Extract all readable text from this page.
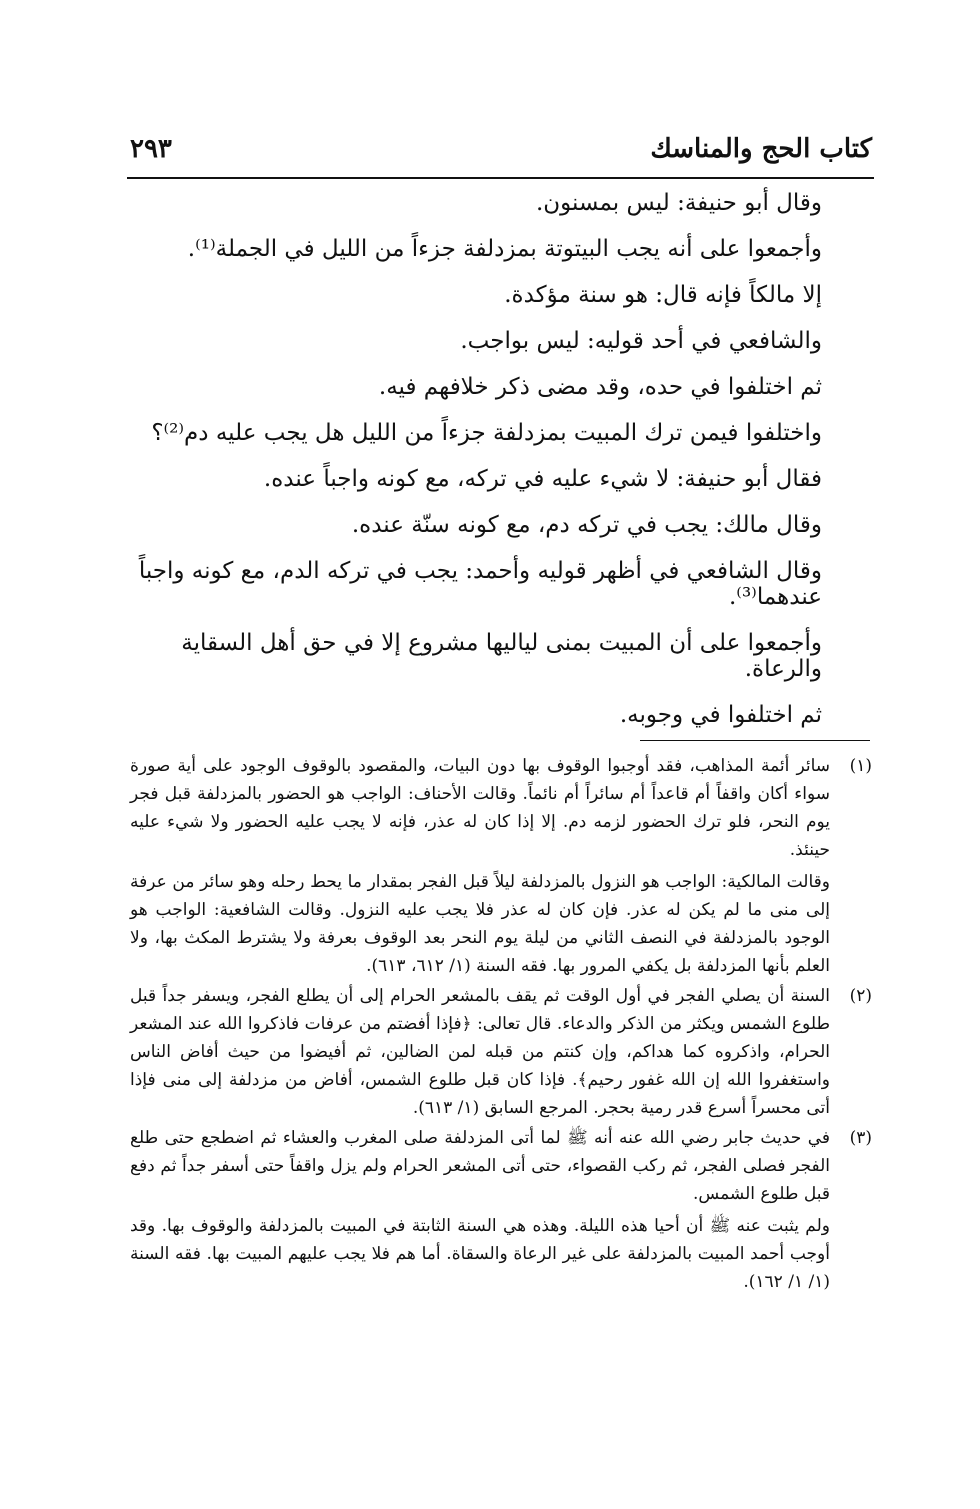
كتاب الحج والمناسك
٢٩٣

وقال أبو حنيفة: ليس بمسنون.

وأجمعوا على أنه يجب البيتوتة بمزدلفة جزءاً من الليل في الجملة⁽¹⁾.

إلا مالكاً فإنه قال: هو سنة مؤكدة.

والشافعي في أحد قوليه: ليس بواجب.

ثم اختلفوا في حده، وقد مضى ذكر خلافهم فيه.

واختلفوا فيمن ترك المبيت بمزدلفة جزءاً من الليل هل يجب عليه دم⁽²⁾؟

فقال أبو حنيفة: لا شيء عليه في تركه، مع كونه واجباً عنده.

وقال مالك: يجب في تركه دم، مع كونه سنّة عنده.

وقال الشافعي في أظهر قوليه وأحمد: يجب في تركه الدم، مع كونه واجباً عندهما⁽³⁾.

وأجمعوا على أن المبيت بمنى لياليها مشروع إلا في حق أهل السقاية والرعاة.

ثم اختلفوا في وجوبه.

(١)

سائر أئمة المذاهب، فقد أوجبوا الوقوف بها دون البيات، والمقصود بالوقوف الوجود على أية صورة سواء أكان واقفاً أم قاعداً أم سائراً أم نائماً. وقالت الأحناف: الواجب هو الحضور بالمزدلفة قبل فجر يوم النحر، فلو ترك الحضور لزمه دم. إلا إذا كان له عذر، فإنه لا يجب عليه الحضور ولا شيء عليه حينئذ.

وقالت المالكية: الواجب هو النزول بالمزدلفة ليلاً قبل الفجر بمقدار ما يحط رحله وهو سائر من عرفة إلى منى ما لم يكن له عذر. فإن كان له عذر فلا يجب عليه النزول. وقالت الشافعية: الواجب هو الوجود بالمزدلفة في النصف الثاني من ليلة يوم النحر بعد الوقوف بعرفة ولا يشترط المكث بها، ولا العلم بأنها المزدلفة بل يكفي المرور بها. فقه السنة (١/ ٦١٢، ٦١٣).

(٢)

السنة أن يصلي الفجر في أول الوقت ثم يقف بالمشعر الحرام إلى أن يطلع الفجر، ويسفر جداً قبل طلوع الشمس ويكثر من الذكر والدعاء. قال تعالى: ﴿فإذا أفضتم من عرفات فاذكروا الله عند المشعر الحرام، واذكروه كما هداكم، وإن كنتم من قبله لمن الضالين، ثم أفيضوا من حيث أفاض الناس واستغفروا الله إن الله غفور رحيم﴾. فإذا كان قبل طلوع الشمس، أفاض من مزدلفة إلى منى فإذا أتى محسراً أسرع قدر رمية بحجر. المرجع السابق (١/ ٦١٣).

(٣)

في حديث جابر رضي الله عنه أنه ﷺ لما أتى المزدلفة صلى المغرب والعشاء ثم اضطجع حتى طلع الفجر فصلى الفجر، ثم ركب القصواء، حتى أتى المشعر الحرام ولم يزل واقفاً حتى أسفر جداً ثم دفع قبل طلوع الشمس.

ولم يثبت عنه ﷺ أن أحيا هذه الليلة. وهذه هي السنة الثابتة في المبيت بالمزدلفة والوقوف بها. وقد أوجب أحمد المبيت بالمزدلفة على غير الرعاة والسقاة. أما هم فلا يجب عليهم المبيت بها. فقه السنة (١/ ١/ ١٦٢).
